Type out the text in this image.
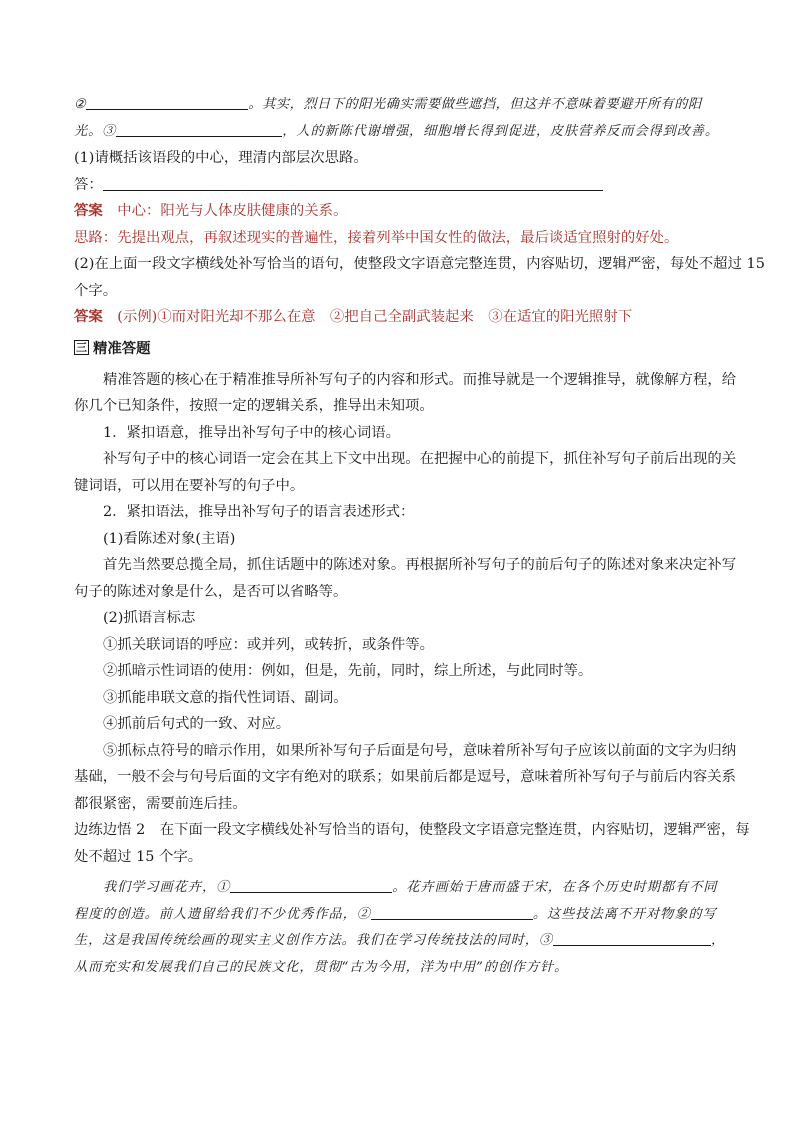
②	。其实，烈日下的阳光确实需要做些遮挡，但这并不意味着要避开所有的阳
光。③	，人的新陈代谢增强，细胞增长得到促进，皮肤营养反而会得到改善。
(1)请概括该语段的中心，理清内部层次思路。
答：
答案　 中心：阳光与人体皮肤健康的关系。
思路：先提出观点，再叙述现实的普遍性，接着列举中国女性的做法，最后谈适宜照射的好处。
(2)在上面一段文字横线处补写恰当的语句，使整段文字语意完整连贯，内容贴切，逻辑严密，每处不超过 15
个字。
答案　 (示例)①而对阳光却不那么在意　②把自己全副武装起来　③在适宜的阳光照射下
三 精准答题
精准答题的核心在于精准推导所补写句子的内容和形式。而推导就是一个逻辑推导，就像解方程，给
你几个已知条件，按照一定的逻辑关系，推导出未知项。
1．紧扣语意，推导出补写句子中的核心词语。
补写句子中的核心词语一定会在其上下文中出现。在把握中心的前提下，抓住补写句子前后出现的关
键词语，可以用在要补写的句子中。
2．紧扣语法，推导出补写句子的语言表述形式：
(1)看陈述对象(主语)
首先当然要总揽全局，抓住话题中的陈述对象。再根据所补写句子的前后句子的陈述对象来决定补写
句子的陈述对象是什么，是否可以省略等。
(2)抓语言标志
①抓关联词语的呼应：或并列，或转折，或条件等。
②抓暗示性词语的使用：例如，但是，先前，同时，综上所述，与此同时等。
③抓能串联文意的指代性词语、副词。
④抓前后句式的一致、对应。
⑤抓标点符号的暗示作用，如果所补写句子后面是句号，意味着所补写句子应该以前面的文字为归纳
基础，一般不会与句号后面的文字有绝对的联系；如果前后都是逗号，意味着所补写句子与前后内容关系
都很紧密，需要前连后挂。
边练边悟 2　 在下面一段文字横线处补写恰当的语句，使整段文字语意完整连贯，内容贴切，逻辑严密，每
处不超过 15 个字。
我们学习画花卉，①	。花卉画始于唐而盛于宋，在各个历史时期都有不同
程度的创造。前人遗留给我们不少优秀作品，②	。这些技法离不开对物象的写
生，这是我国传统绘画的现实主义创作方法。我们在学习传统技法的同时，③	，
从而充实和发展我们自己的民族文化，贯彻“古为今用，洋为中用”的创作方针。
